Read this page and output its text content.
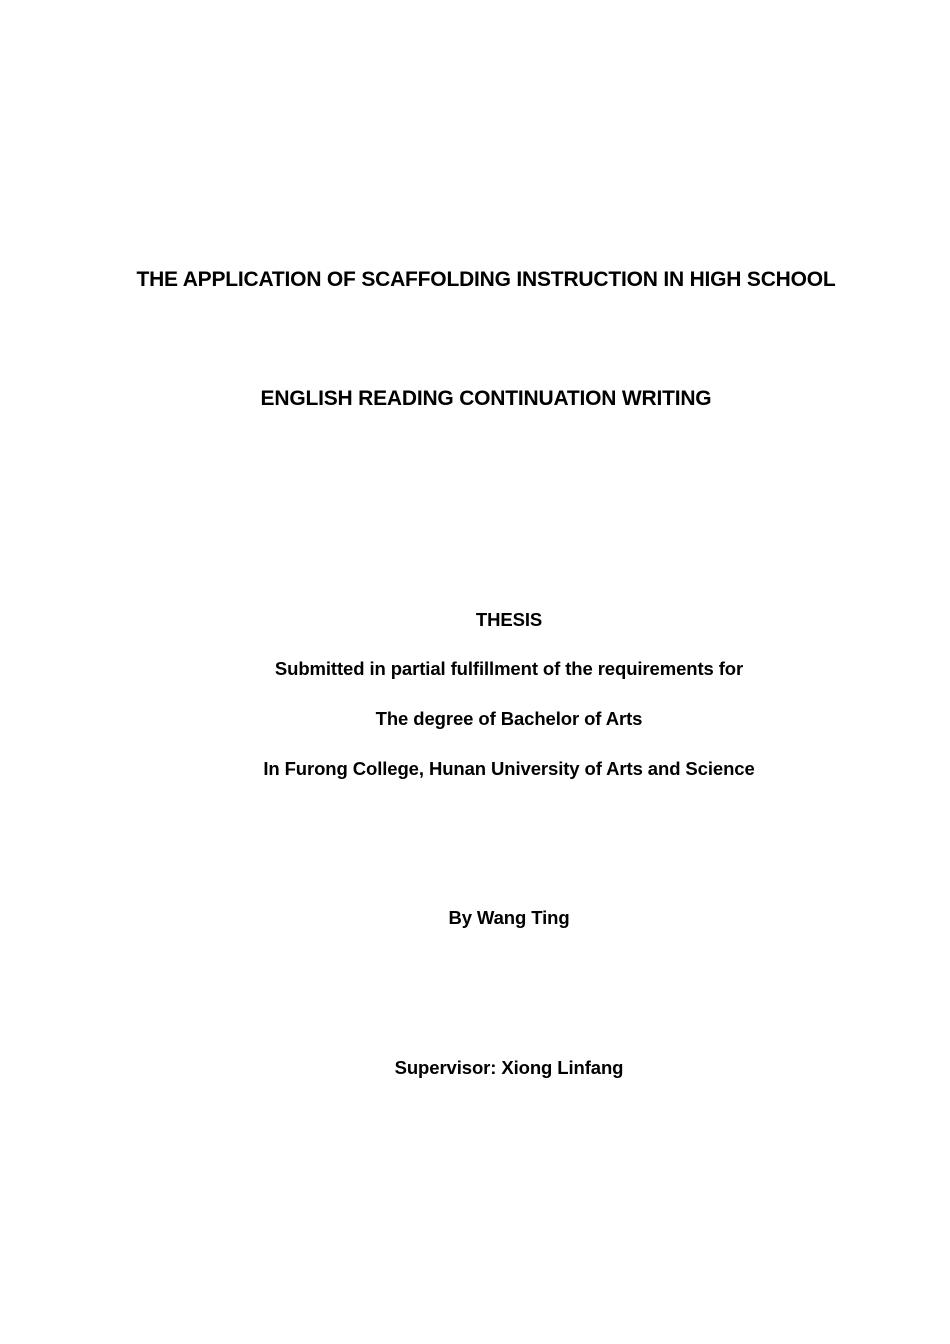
THE APPLICATION OF SCAFFOLDING INSTRUCTION IN HIGH SCHOOL
ENGLISH READING CONTINUATION WRITING
THESIS
Submitted in partial fulfillment of the requirements for
The degree of Bachelor of Arts
In Furong College, Hunan University of Arts and Science
By Wang Ting
Supervisor: Xiong Linfang
